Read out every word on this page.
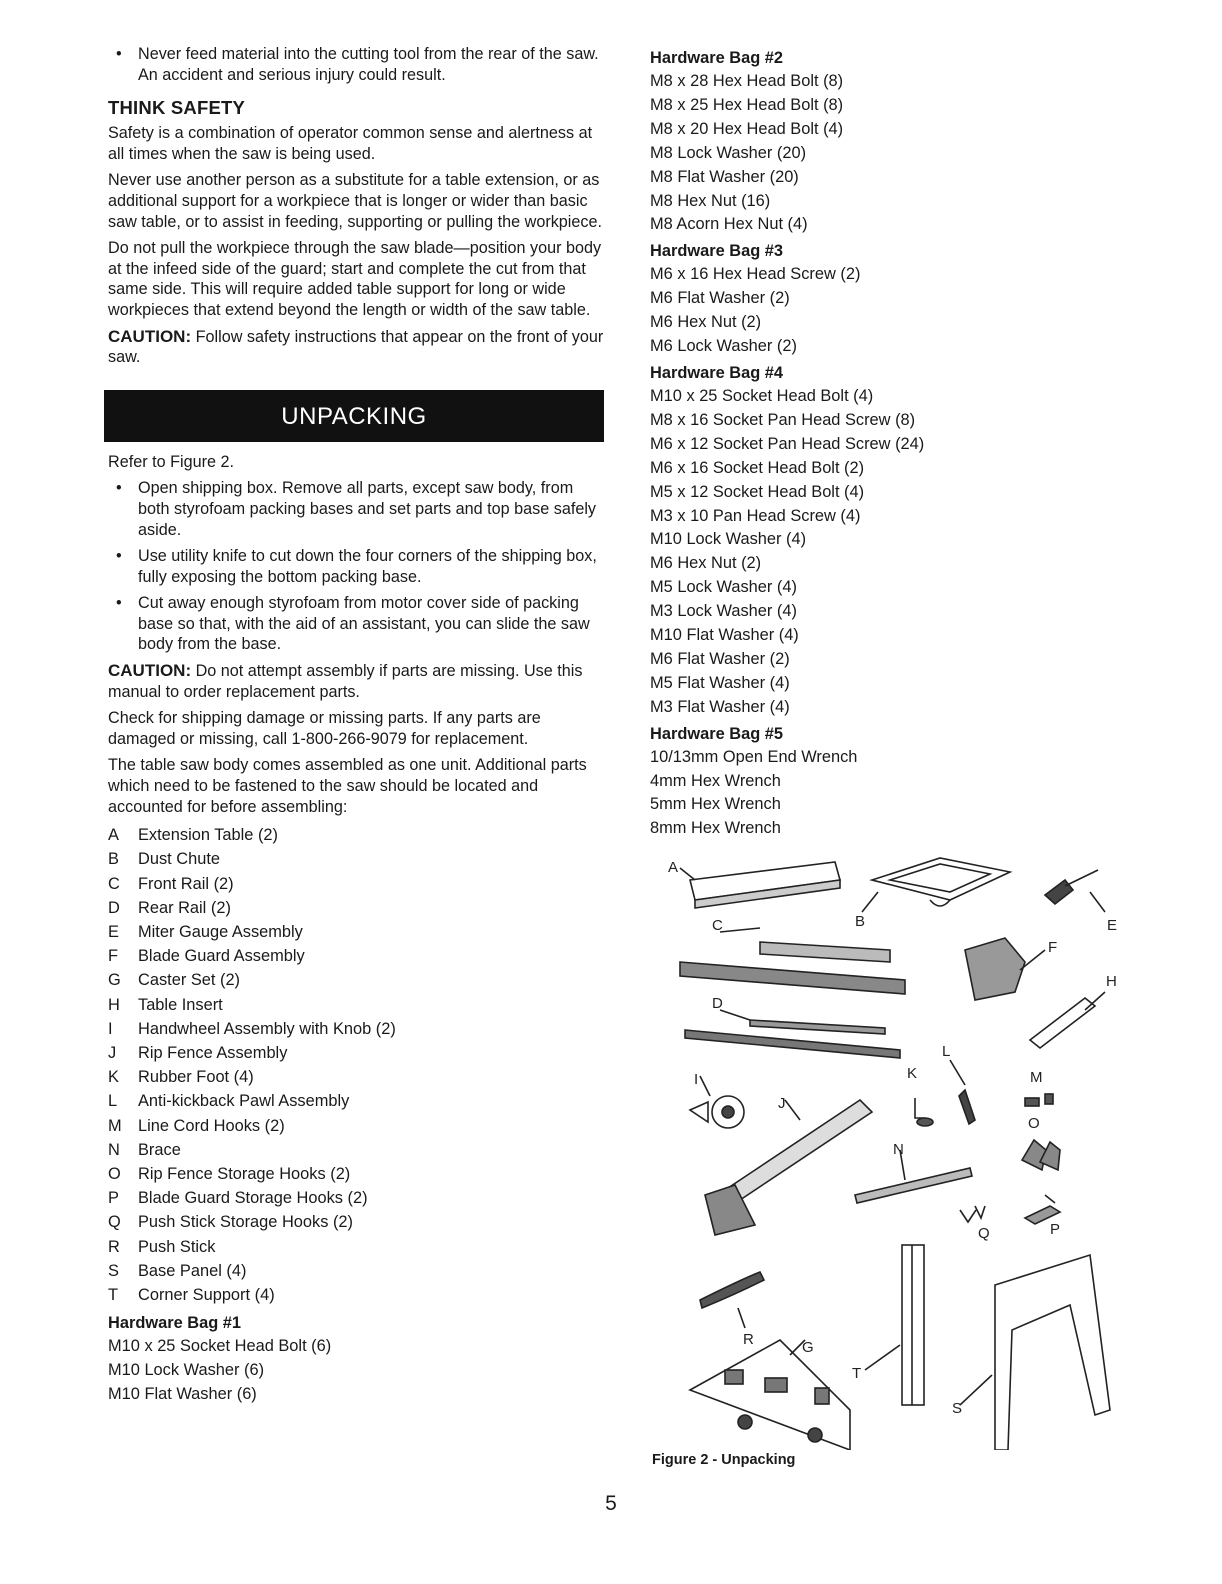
• Never feed material into the cutting tool from the rear of the saw. An accident and serious injury could result.
THINK SAFETY

Safety is a combination of operator common sense and alertness at all times when the saw is being used.

Never use another person as a substitute for a table extension, or as additional support for a workpiece that is longer or wider than basic saw table, or to assist in feeding, supporting or pulling the workpiece.

Do not pull the workpiece through the saw blade—position your body at the infeed side of the guard; start and complete the cut from that same side. This will require added table support for long or wide workpieces that extend beyond the length or width of the saw table.

CAUTION: Follow safety instructions that appear on the front of your saw.

UNPACKING

Refer to Figure 2.

• Open shipping box. Remove all parts, except saw body, from both styrofoam packing bases and set parts and top base safely aside.
• Use utility knife to cut down the four corners of the shipping box, fully exposing the bottom packing base.
• Cut away enough styrofoam from motor cover side of packing base so that, with the aid of an assistant, you can slide the saw body from the base.

CAUTION: Do not attempt assembly if parts are missing. Use this manual to order replacement parts.

Check for shipping damage or missing parts. If any parts are damaged or missing, call 1-800-266-9079 for replacement.

The table saw body comes assembled as one unit. Additional parts which need to be fastened to the saw should be located and accounted for before assembling:

A	Extension Table (2)
B	Dust Chute
C	Front Rail (2)
D	Rear Rail (2)
E	Miter Gauge Assembly
F	Blade Guard Assembly
G	Caster Set (2)
H	Table Insert
I	Handwheel Assembly with Knob (2)
J	Rip Fence Assembly
K	Rubber Foot (4)
L	Anti-kickback Pawl Assembly
M Line Cord Hooks (2)
N	Brace
O	Rip Fence Storage Hooks (2)
P	Blade Guard Storage Hooks (2)
Q	Push Stick Storage Hooks (2)
R	Push Stick
S	Base Panel (4)
T	Corner Support (4)
Hardware Bag #1
M10 x 25 Socket Head Bolt (6)
M10 Lock Washer (6)
M10 Flat Washer (6)
Hardware Bag #2
M8 x 28 Hex Head Bolt (8)
M8 x 25 Hex Head Bolt (8)
M8 x 20 Hex Head Bolt (4)
M8 Lock Washer (20)
M8 Flat Washer (20)
M8 Hex Nut (16)
M8 Acorn Hex Nut (4)
Hardware Bag #3
M6 x 16 Hex Head Screw (2)
M6 Flat Washer (2)
M6 Hex Nut (2)
M6 Lock Washer (2)
Hardware Bag #4
M10 x 25 Socket Head Bolt (4)
M8 x 16 Socket Pan Head Screw (8)
M6 x 12 Socket Pan Head Screw (24)
M6 x 16 Socket Head Bolt (2)
M5 x 12 Socket Head Bolt (4)
M3 x 10 Pan Head Screw (4)
M10 Lock Washer (4)
M6 Hex Nut (2)
M5 Lock Washer (4)
M3 Lock Washer (4)
M10 Flat Washer (4)
M6 Flat Washer (2)
M5 Flat Washer (4)
M3 Flat Washer (4)
Hardware Bag #5
10/13mm Open End Wrench
4mm Hex Wrench
5mm Hex Wrench
8mm Hex Wrench
A
B
C
D
E
F
G
H
I
J
K
L
M
N
O
P
Q
R
S
T
Figure 2 - Unpacking
5
